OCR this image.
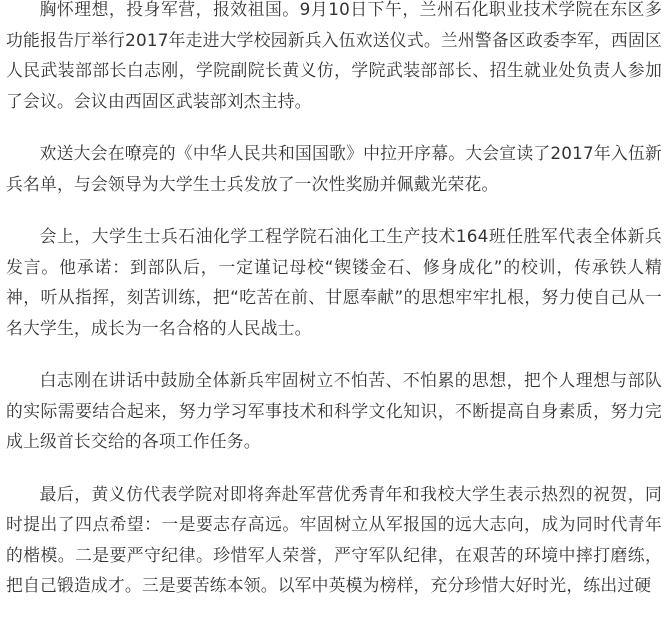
胸怀理想，投身军营，报效祖国。9月10日下午，兰州石化职业技术学院在东区多功能报告厅举行2017年走进大学校园新兵入伍欢送仪式。兰州警备区政委李军，西固区人民武装部部长白志刚，学院副院长黄义仿，学院武装部部长、招生就业处负责人参加了会议。会议由西固区武装部刘杰主持。

欢送大会在嘹亮的《中华人民共和国国歌》中拉开序幕。大会宣读了2017年入伍新兵名单，与会领导为大学生士兵发放了一次性奖励并佩戴光荣花。

会上，大学生士兵石油化学工程学院石油化工生产技术164班任胜军代表全体新兵发言。他承诺：到部队后，一定谨记母校“锲镂金石、修身成化”的校训，传承铁人精神，听从指挥，刻苦训练，把“吃苦在前、甘愿奉献”的思想牢牢扎根，努力使自己从一名大学生，成长为一名合格的人民战士。

白志刚在讲话中鼓励全体新兵牢固树立不怕苦、不怕累的思想，把个人理想与部队的实际需要结合起来，努力学习军事技术和科学文化知识，不断提高自身素质，努力完成上级首长交给的各项工作任务。

最后，黄义仿代表学院对即将奔赴军营优秀青年和我校大学生表示热烈的祝贺，同时提出了四点希望：一是要志存高远。牢固树立从军报国的远大志向，成为同时代青年的楷模。二是要严守纪律。珍惜军人荣誉，严守军队纪律，在艰苦的环境中摔打磨练，把自己锻造成才。三是要苦练本领。以军中英模为榜样，充分珍惜大好时光，练出过硬
